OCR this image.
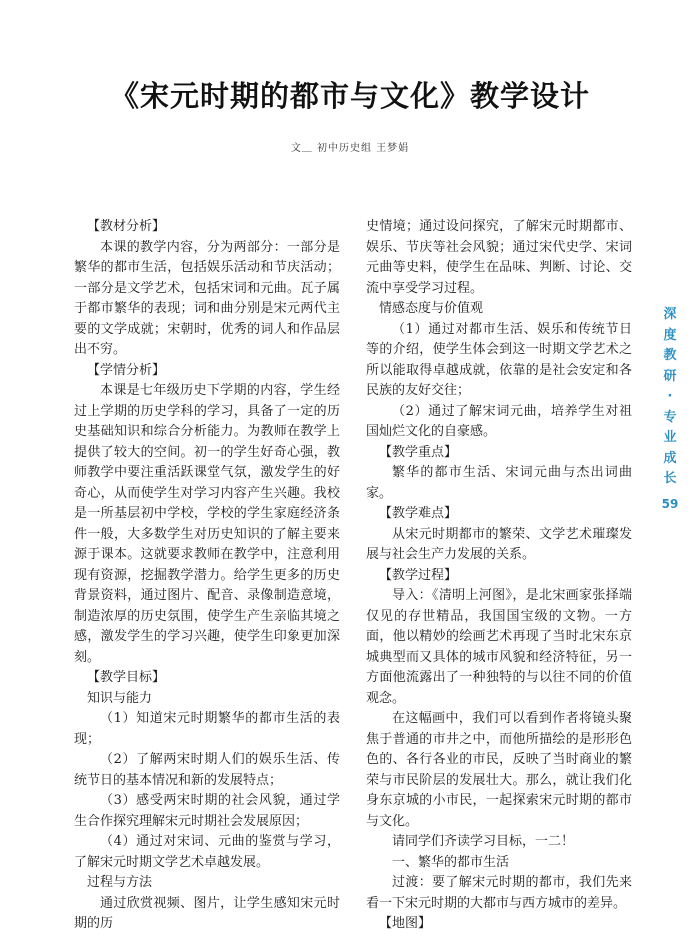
《宋元时期的都市与文化》教学设计
文＿ 初中历史组 王梦娟

【教材分析】

本课的教学内容，分为两部分：一部分是繁华的都市生活，包括娱乐活动和节庆活动；一部分是文学艺术，包括宋词和元曲。瓦子属于都市繁华的表现；词和曲分别是宋元两代主要的文学成就；宋朝时，优秀的词人和作品层出不穷。

【学情分析】

本课是七年级历史下学期的内容，学生经过上学期的历史学科的学习，具备了一定的历史基础知识和综合分析能力。为教师在教学上提供了较大的空间。初一的学生好奇心强，教师教学中要注重活跃课堂气氛，激发学生的好奇心，从而使学生对学习内容产生兴趣。我校是一所基层初中学校，学校的学生家庭经济条件一般，大多数学生对历史知识的了解主要来源于课本。这就要求教师在教学中，注意利用现有资源，挖掘教学潜力。给学生更多的历史背景资料，通过图片、配音、录像制造意境，制造浓厚的历史氛围，使学生产生亲临其境之感，激发学生的学习兴趣，使学生印象更加深刻。

【教学目标】

知识与能力

（1）知道宋元时期繁华的都市生活的表现；

（2）了解两宋时期人们的娱乐生活、传统节日的基本情况和新的发展特点；

（3）感受两宋时期的社会风貌，通过学生合作探究理解宋元时期社会发展原因；

（4）通过对宋词、元曲的鉴赏与学习，了解宋元时期文学艺术卓越发展。

过程与方法

通过欣赏视频、图片，让学生感知宋元时期的历

史情境；通过设问探究，了解宋元时期都市、娱乐、节庆等社会风貌；通过宋代史学、宋词元曲等史料，使学生在品味、判断、讨论、交流中享受学习过程。

情感态度与价值观

（1）通过对都市生活、娱乐和传统节日等的介绍，使学生体会到这一时期文学艺术之所以能取得卓越成就，依靠的是社会安定和各民族的友好交往；

（2）通过了解宋词元曲，培养学生对祖国灿烂文化的自豪感。

【教学重点】

繁华的都市生活、宋词元曲与杰出词曲家。

【教学难点】

从宋元时期都市的繁荣、文学艺术璀璨发展与社会生产力发展的关系。

【教学过程】

导入：《清明上河图》，是北宋画家张择端仅见的存世精品，我国国宝级的文物。一方面，他以精妙的绘画艺术再现了当时北宋东京城典型而又具体的城市风貌和经济特征，另一方面他流露出了一种独特的与以往不同的价值观念。

在这幅画中，我们可以看到作者将镜头聚焦于普通的市井之中，而他所描绘的是形形色色的、各行各业的市民，反映了当时商业的繁荣与市民阶层的发展壮大。那么，就让我们化身东京城的小市民，一起探索宋元时期的都市与文化。

请同学们齐读学习目标，一二！

一、繁华的都市生活

过渡：要了解宋元时期的都市，我们先来看一下宋元时期的大都市与西方城市的差异。

【地图】

深
度
教
研
·
专
业
成
长
59
